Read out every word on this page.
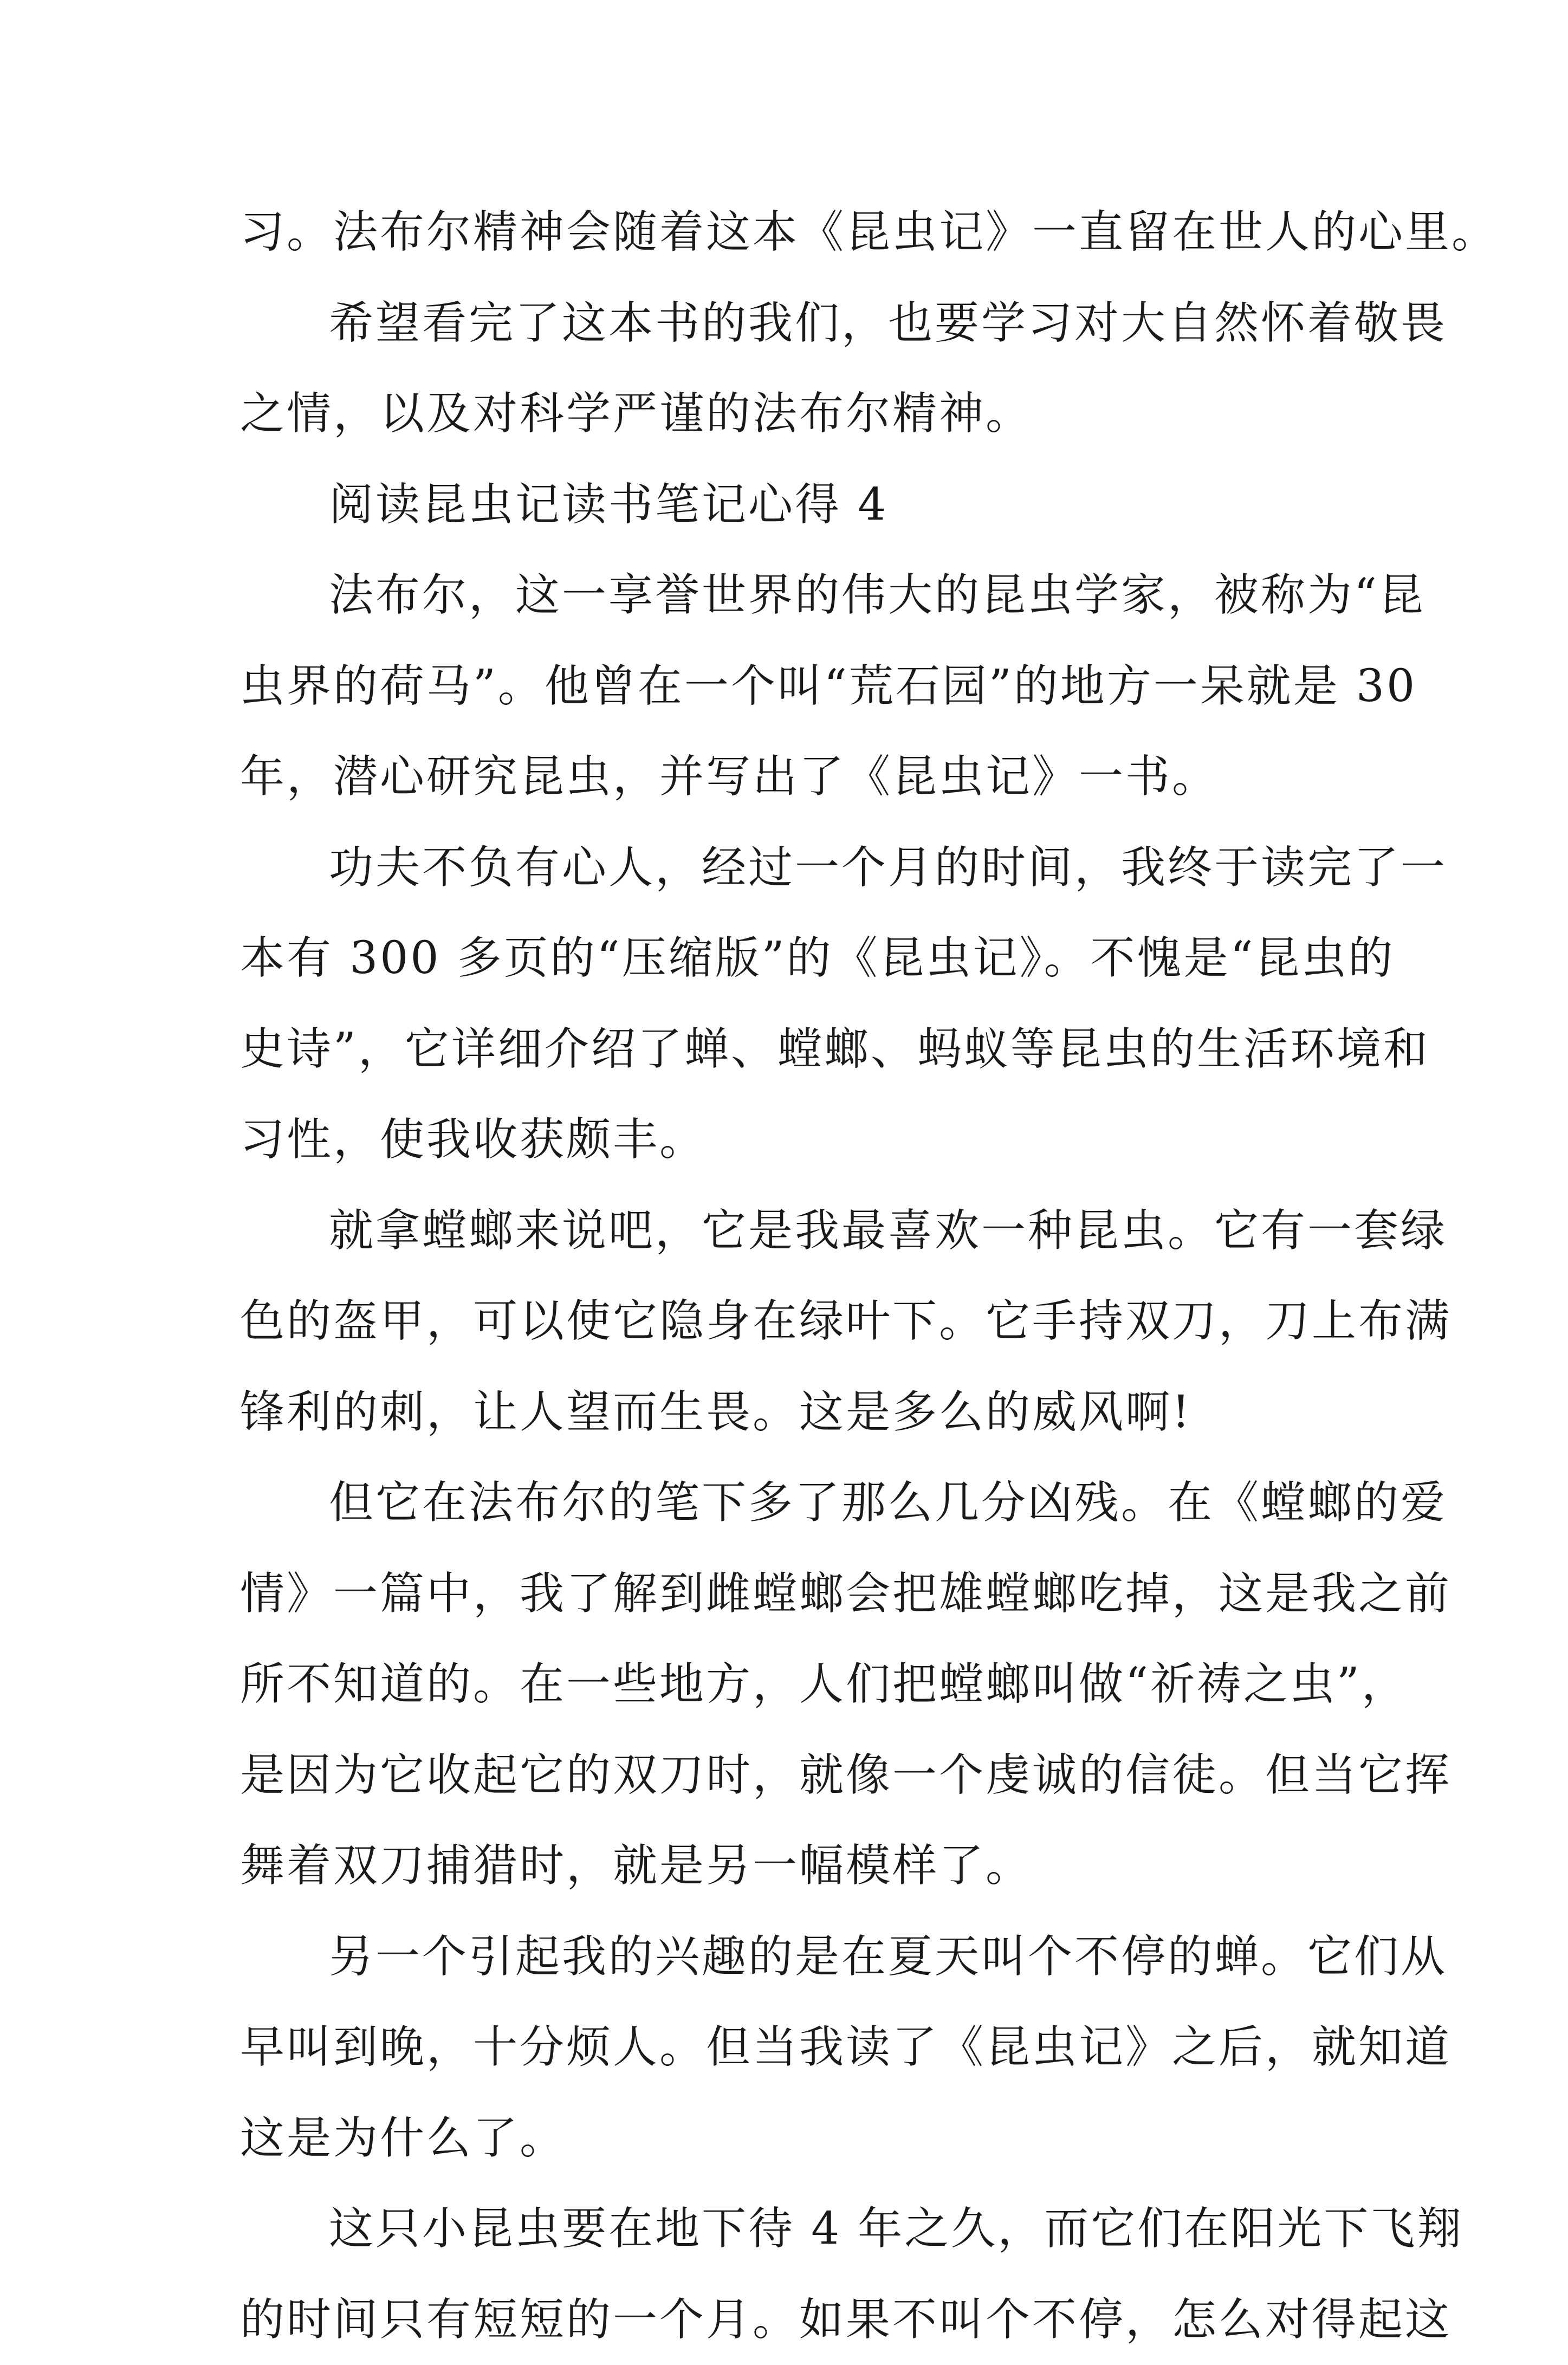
习。法布尔精神会随着这本《昆虫记》一直留在世人的心里。
希望看完了这本书的我们，也要学习对大自然怀着敬畏
之情，以及对科学严谨的法布尔精神。
阅读昆虫记读书笔记心得 4
法布尔，这一享誉世界的伟大的昆虫学家，被称为“昆
虫界的荷马”。他曾在一个叫“荒石园”的地方一呆就是 30
年，潜心研究昆虫，并写出了《昆虫记》一书。
功夫不负有心人，经过一个月的时间，我终于读完了一
本有 300 多页的“压缩版”的《昆虫记》。不愧是“昆虫的
史诗”，它详细介绍了蝉、螳螂、蚂蚁等昆虫的生活环境和
习性，使我收获颇丰。
就拿螳螂来说吧，它是我最喜欢一种昆虫。它有一套绿
色的盔甲，可以使它隐身在绿叶下。它手持双刀，刀上布满
锋利的刺，让人望而生畏。这是多么的威风啊!
但它在法布尔的笔下多了那么几分凶残。在《螳螂的爱
情》一篇中，我了解到雌螳螂会把雄螳螂吃掉，这是我之前
所不知道的。在一些地方，人们把螳螂叫做“祈祷之虫”，
是因为它收起它的双刀时，就像一个虔诚的信徒。但当它挥
舞着双刀捕猎时，就是另一幅模样了。
另一个引起我的兴趣的是在夏天叫个不停的蝉。它们从
早叫到晚，十分烦人。但当我读了《昆虫记》之后，就知道
这是为什么了。
这只小昆虫要在地下待 4 年之久，而它们在阳光下飞翔
的时间只有短短的一个月。如果不叫个不停，怎么对得起这
